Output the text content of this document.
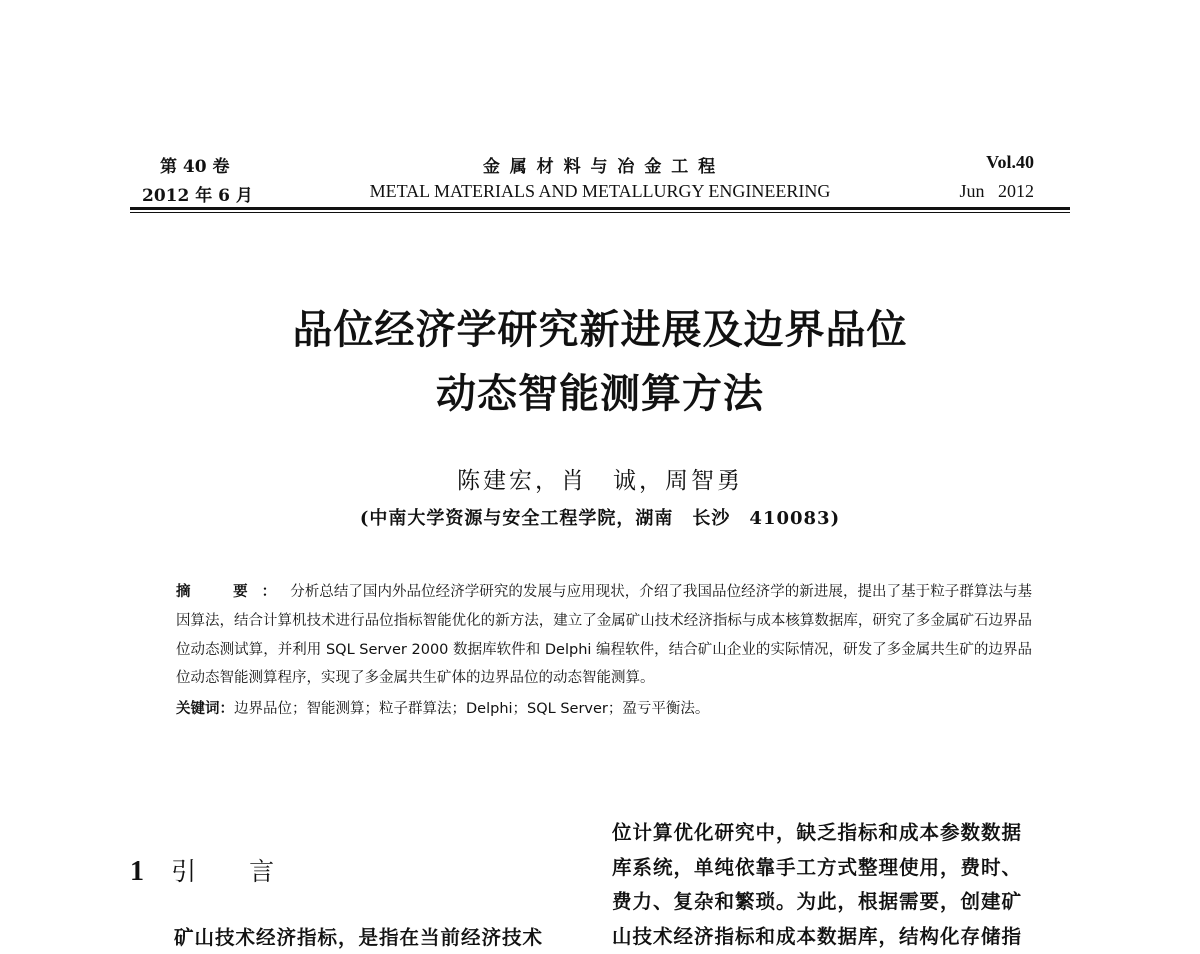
第 40 卷
2012 年 6 月
金 属 材 料 与 冶 金 工 程
METAL MATERIALS AND METALLURGY ENGINEERING
Vol.40
Jun   2012
品位经济学研究新进展及边界品位
动态智能测算方法
陈建宏，肖　诚，周智勇
(中南大学资源与安全工程学院，湖南　长沙　410083)

摘　要：分析总结了国内外品位经济学研究的发展与应用现状，介绍了我国品位经济学的新进展，提出了基于粒子群算法与基因算法，结合计算机技术进行品位指标智能优化的新方法，建立了金属矿山技术经济指标与成本核算数据库，研究了多金属矿石边界品位动态测试算，并利用 SQL Server 2000 数据库软件和 Delphi 编程软件，结合矿山企业的实际情况，研发了多金属共生矿的边界品位动态智能测算程序，实现了多金属共生矿体的边界品位的动态智能测算。

关键词：边界品位；智能测算；粒子群算法；Delphi；SQL Server；盈亏平衡法。

1 引　言
矿山技术经济指标，是指在当前经济技术
位计算优化研究中，缺乏指标和成本参数数据
库系统，单纯依靠手工方式整理使用，费时、
费力、复杂和繁琐。为此，根据需要，创建矿
山技术经济指标和成本数据库，结构化存储指
